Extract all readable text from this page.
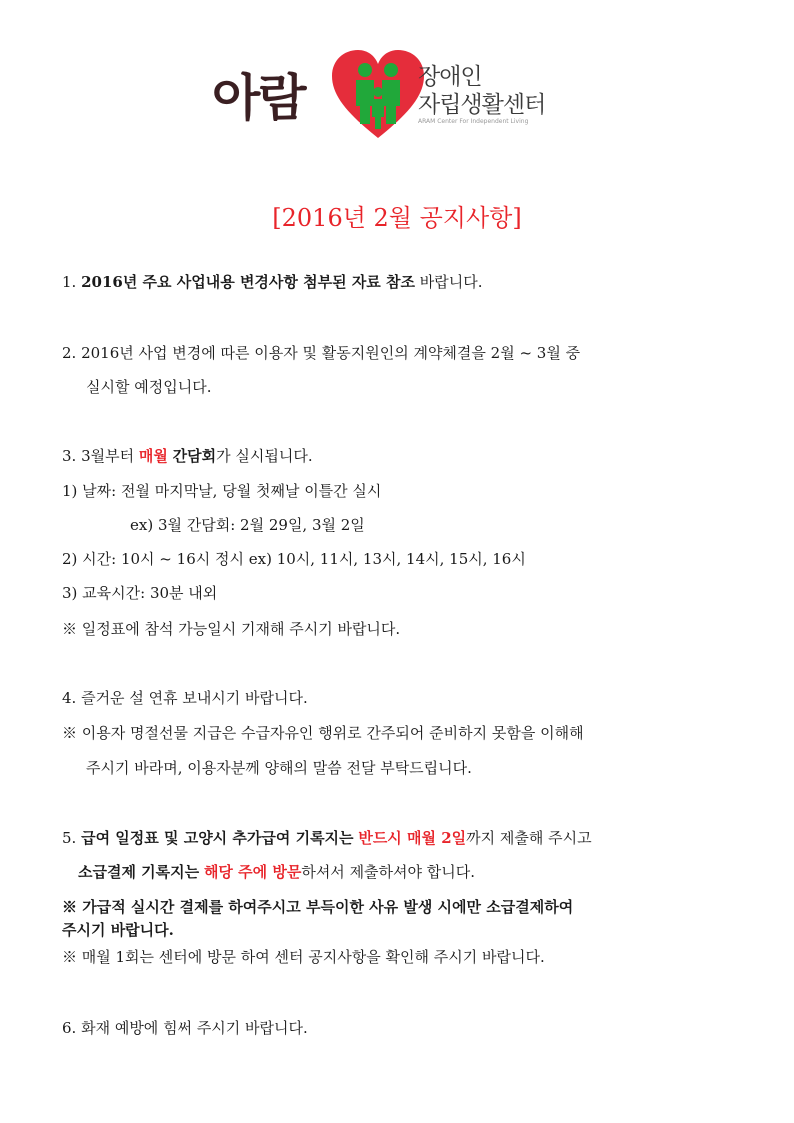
아람	장애인
자립생활센터
ARAM Center For Independent Living
[2016년 2월 공지사항]

1. 2016년 주요 사업내용 변경사항 첨부된 자료 참조 바랍니다.

2. 2016년 사업 변경에 따른 이용자 및 활동지원인의 계약체결을 2월 ~ 3월 중

실시할 예정입니다.

3. 3월부터 매월 간담회가 실시됩니다.

1) 날짜: 전월 마지막날, 당월 첫째날 이틀간 실시

ex) 3월 간담회: 2월 29일, 3월 2일

2) 시간: 10시 ~ 16시 정시 ex) 10시, 11시, 13시, 14시, 15시, 16시

3) 교육시간: 30분 내외

※ 일정표에 참석 가능일시 기재해 주시기 바랍니다.

4. 즐거운 설 연휴 보내시기 바랍니다.

※ 이용자 명절선물 지급은 수급자유인 행위로 간주되어 준비하지 못함을 이해해

주시기 바라며, 이용자분께 양해의 말씀 전달 부탁드립니다.

5. 급여 일정표 및 고양시 추가급여 기록지는 반드시 매월 2일까지 제출해 주시고

소급결제 기록지는 해당 주에 방문하셔서 제출하셔야 합니다.

※ 가급적 실시간 결제를 하여주시고 부득이한 사유 발생 시에만 소급결제하여

주시기 바랍니다.

※ 매월 1회는 센터에 방문 하여 센터 공지사항을 확인해 주시기 바랍니다.

6. 화재 예방에 힘써 주시기 바랍니다.
